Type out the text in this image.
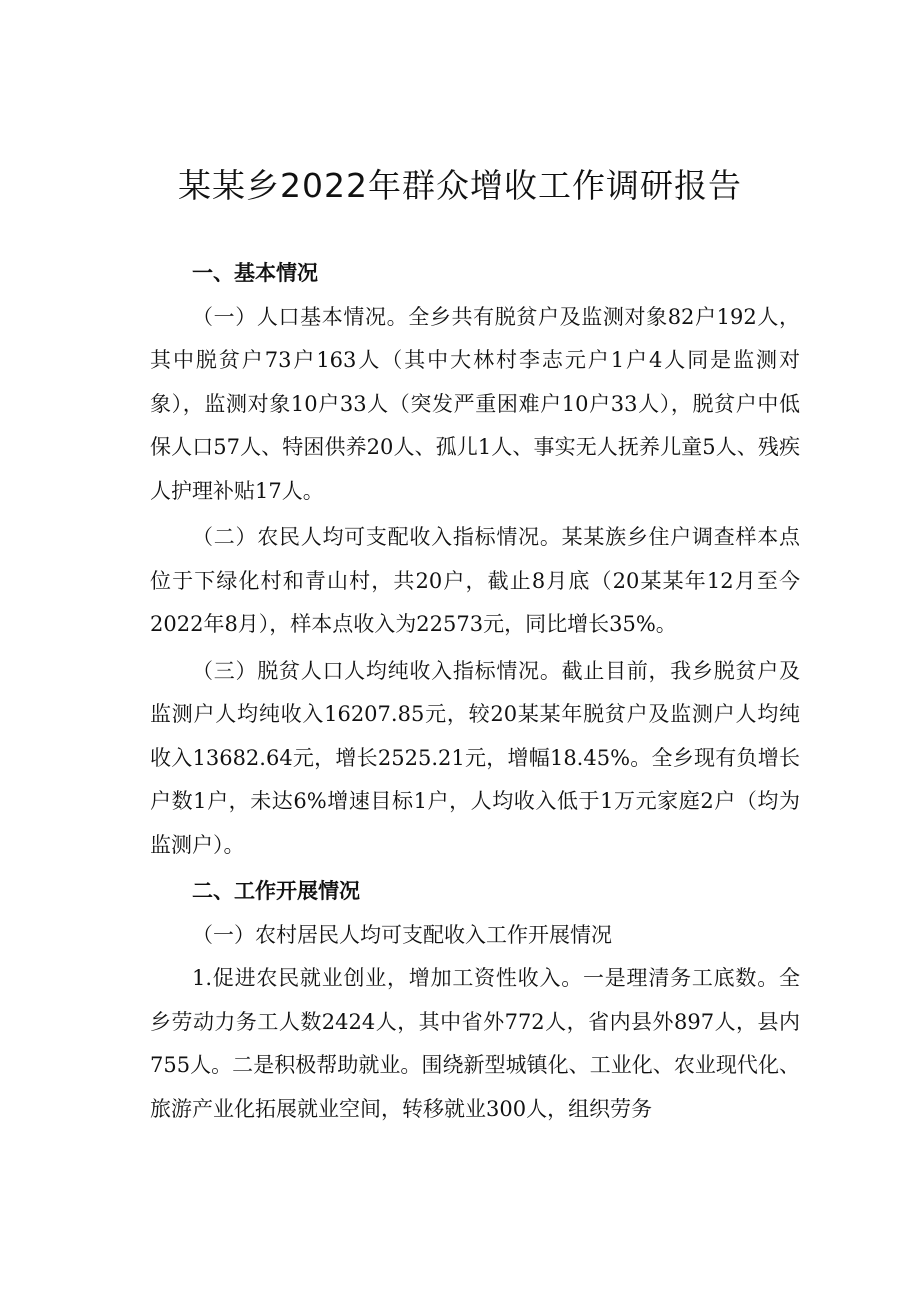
某某乡2022年群众增收工作调研报告
一、基本情况

（一）人口基本情况。全乡共有脱贫户及监测对象82户192人，其中脱贫户73户163人（其中大林村李志元户1户4人同是监测对象），监测对象10户33人（突发严重困难户10户33人），脱贫户中低保人口57人、特困供养20人、孤儿1人、事实无人抚养儿童5人、残疾人护理补贴17人。

（二）农民人均可支配收入指标情况。某某族乡住户调查样本点位于下绿化村和青山村，共20户，截止8月底（20某某年12月至今2022年8月），样本点收入为22573元，同比增长35%。

（三）脱贫人口人均纯收入指标情况。截止目前，我乡脱贫户及监测户人均纯收入16207.85元，较20某某年脱贫户及监测户人均纯收入13682.64元，增长2525.21元，增幅18.45%。全乡现有负增长户数1户，未达6%增速目标1户，人均收入低于1万元家庭2户（均为监测户）。

二、工作开展情况

（一）农村居民人均可支配收入工作开展情况

1.促进农民就业创业，增加工资性收入。一是理清务工底数。全乡劳动力务工人数2424人，其中省外772人，省内县外897人，县内755人。二是积极帮助就业。围绕新型城镇化、工业化、农业现代化、旅游产业化拓展就业空间，转移就业300人，组织劳务
